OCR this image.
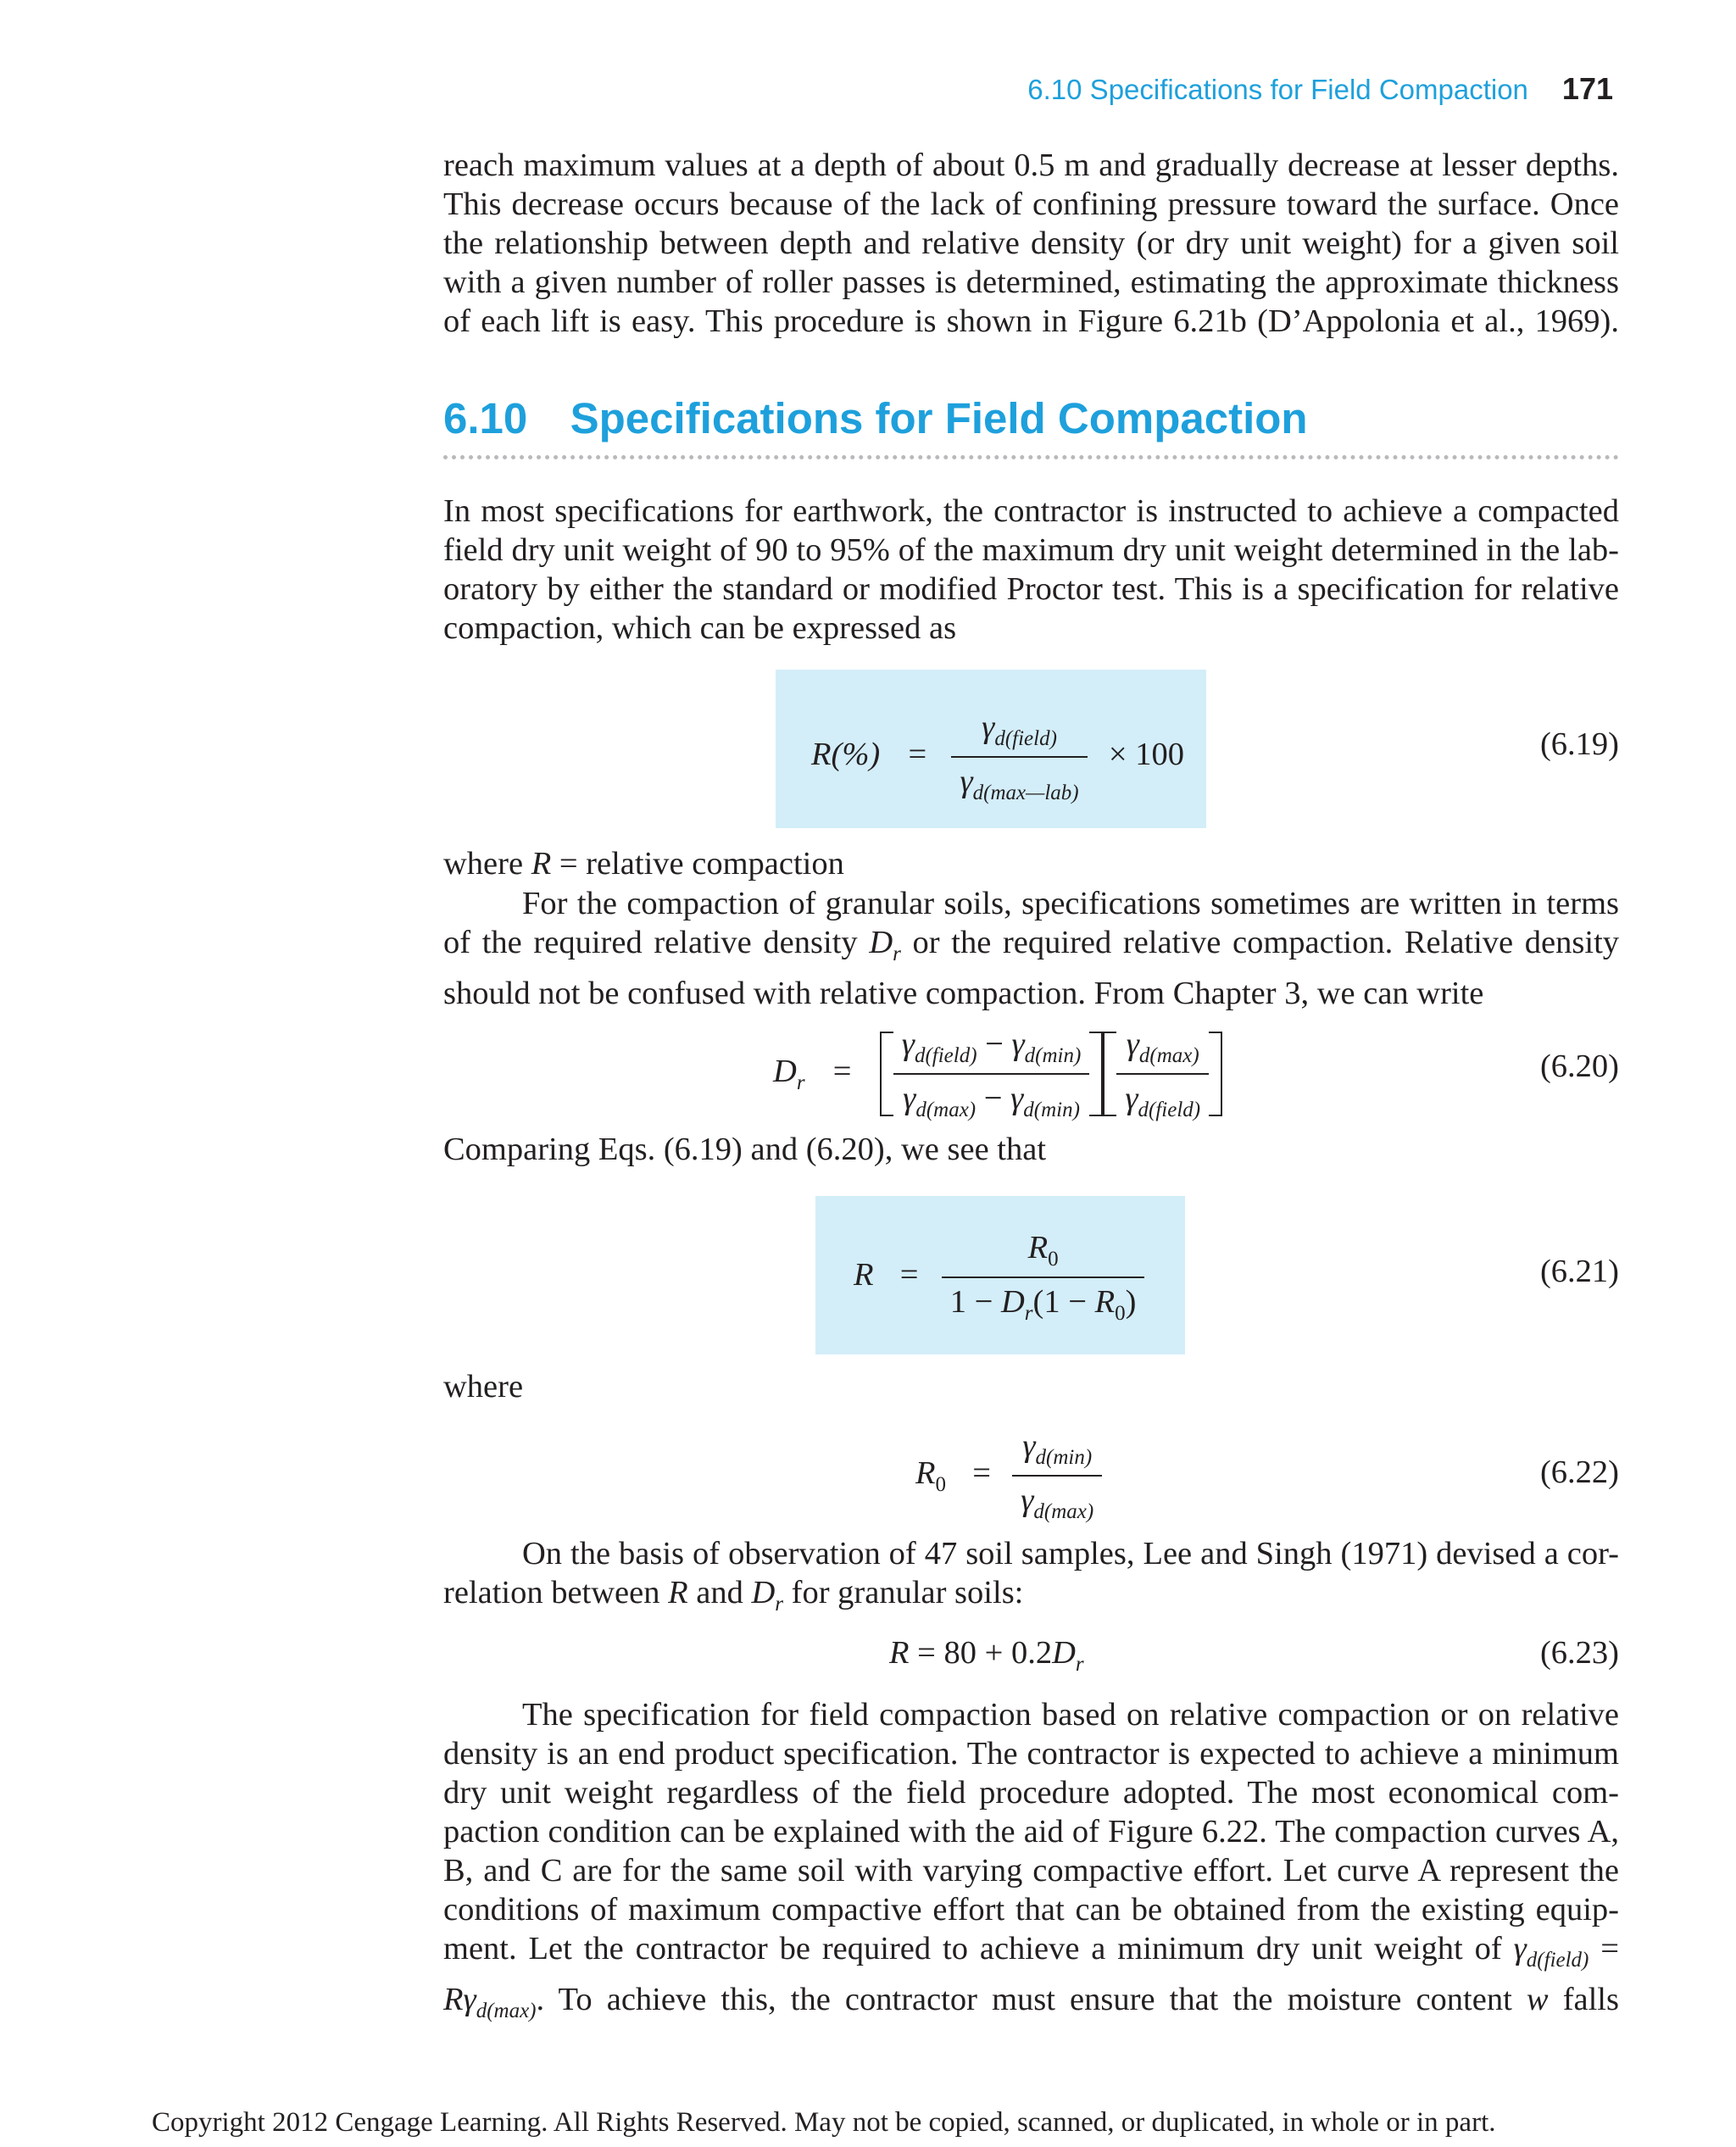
6.10 Specifications for Field Compaction 171
reach maximum values at a depth of about 0.5 m and gradually decrease at lesser depths.
This decrease occurs because of the lack of confining pressure toward the surface. Once
the relationship between depth and relative density (or dry unit weight) for a given soil
with a given number of roller passes is determined, estimating the approximate thickness
of each lift is easy. This procedure is shown in Figure 6.21b (D’Appolonia et al., 1969).
6.10 Specifications for Field Compaction
In most specifications for earthwork, the contractor is instructed to achieve a compacted
field dry unit weight of 90 to 95% of the maximum dry unit weight determined in the lab-
oratory by either the standard or modified Proctor test. This is a specification for relative
compaction, which can be expressed as
$R(\%) = \frac{\gamma_{d(field)}}{\gamma_{d(max—lab)}} \times 100$	(6.19)
where R = relative compaction
For the compaction of granular soils, specifications sometimes are written in terms
of the required relative density $D_r$ or the required relative compaction. Relative density
should not be confused with relative compaction. From Chapter 3, we can write
$D_r = \frac{\gamma_{d(field)} - \gamma_{d(min)}}{\gamma_{d(max)} - \gamma_{d(min)}} \frac{\gamma_{d(max)}}{\gamma_{d(field)}}$	(6.20)
Comparing Eqs. (6.19) and (6.20), we see that
$R = \frac{R_0}{1 - D_r(1 - R_0)}$	(6.21)
where
$R_0 = \frac{\gamma_{d(min)}}{\gamma_{d(max)}}$	(6.22)
On the basis of observation of 47 soil samples, Lee and Singh (1971) devised a cor-
relation between R and $D_r$ for granular soils:
$R = 80 + 0.2D_r$	(6.23)
The specification for field compaction based on relative compaction or on relative
density is an end product specification. The contractor is expected to achieve a minimum
dry unit weight regardless of the field procedure adopted. The most economical com-
paction condition can be explained with the aid of Figure 6.22. The compaction curves A,
B, and C are for the same soil with varying compactive effort. Let curve A represent the
conditions of maximum compactive effort that can be obtained from the existing equip-
ment. Let the contractor be required to achieve a minimum dry unit weight of $\gamma_{d(field)}$ =
$R\gamma_{d(max)}$. To achieve this, the contractor must ensure that the moisture content w falls
Copyright 2012 Cengage Learning. All Rights Reserved. May not be copied, scanned, or duplicated, in whole or in part.
